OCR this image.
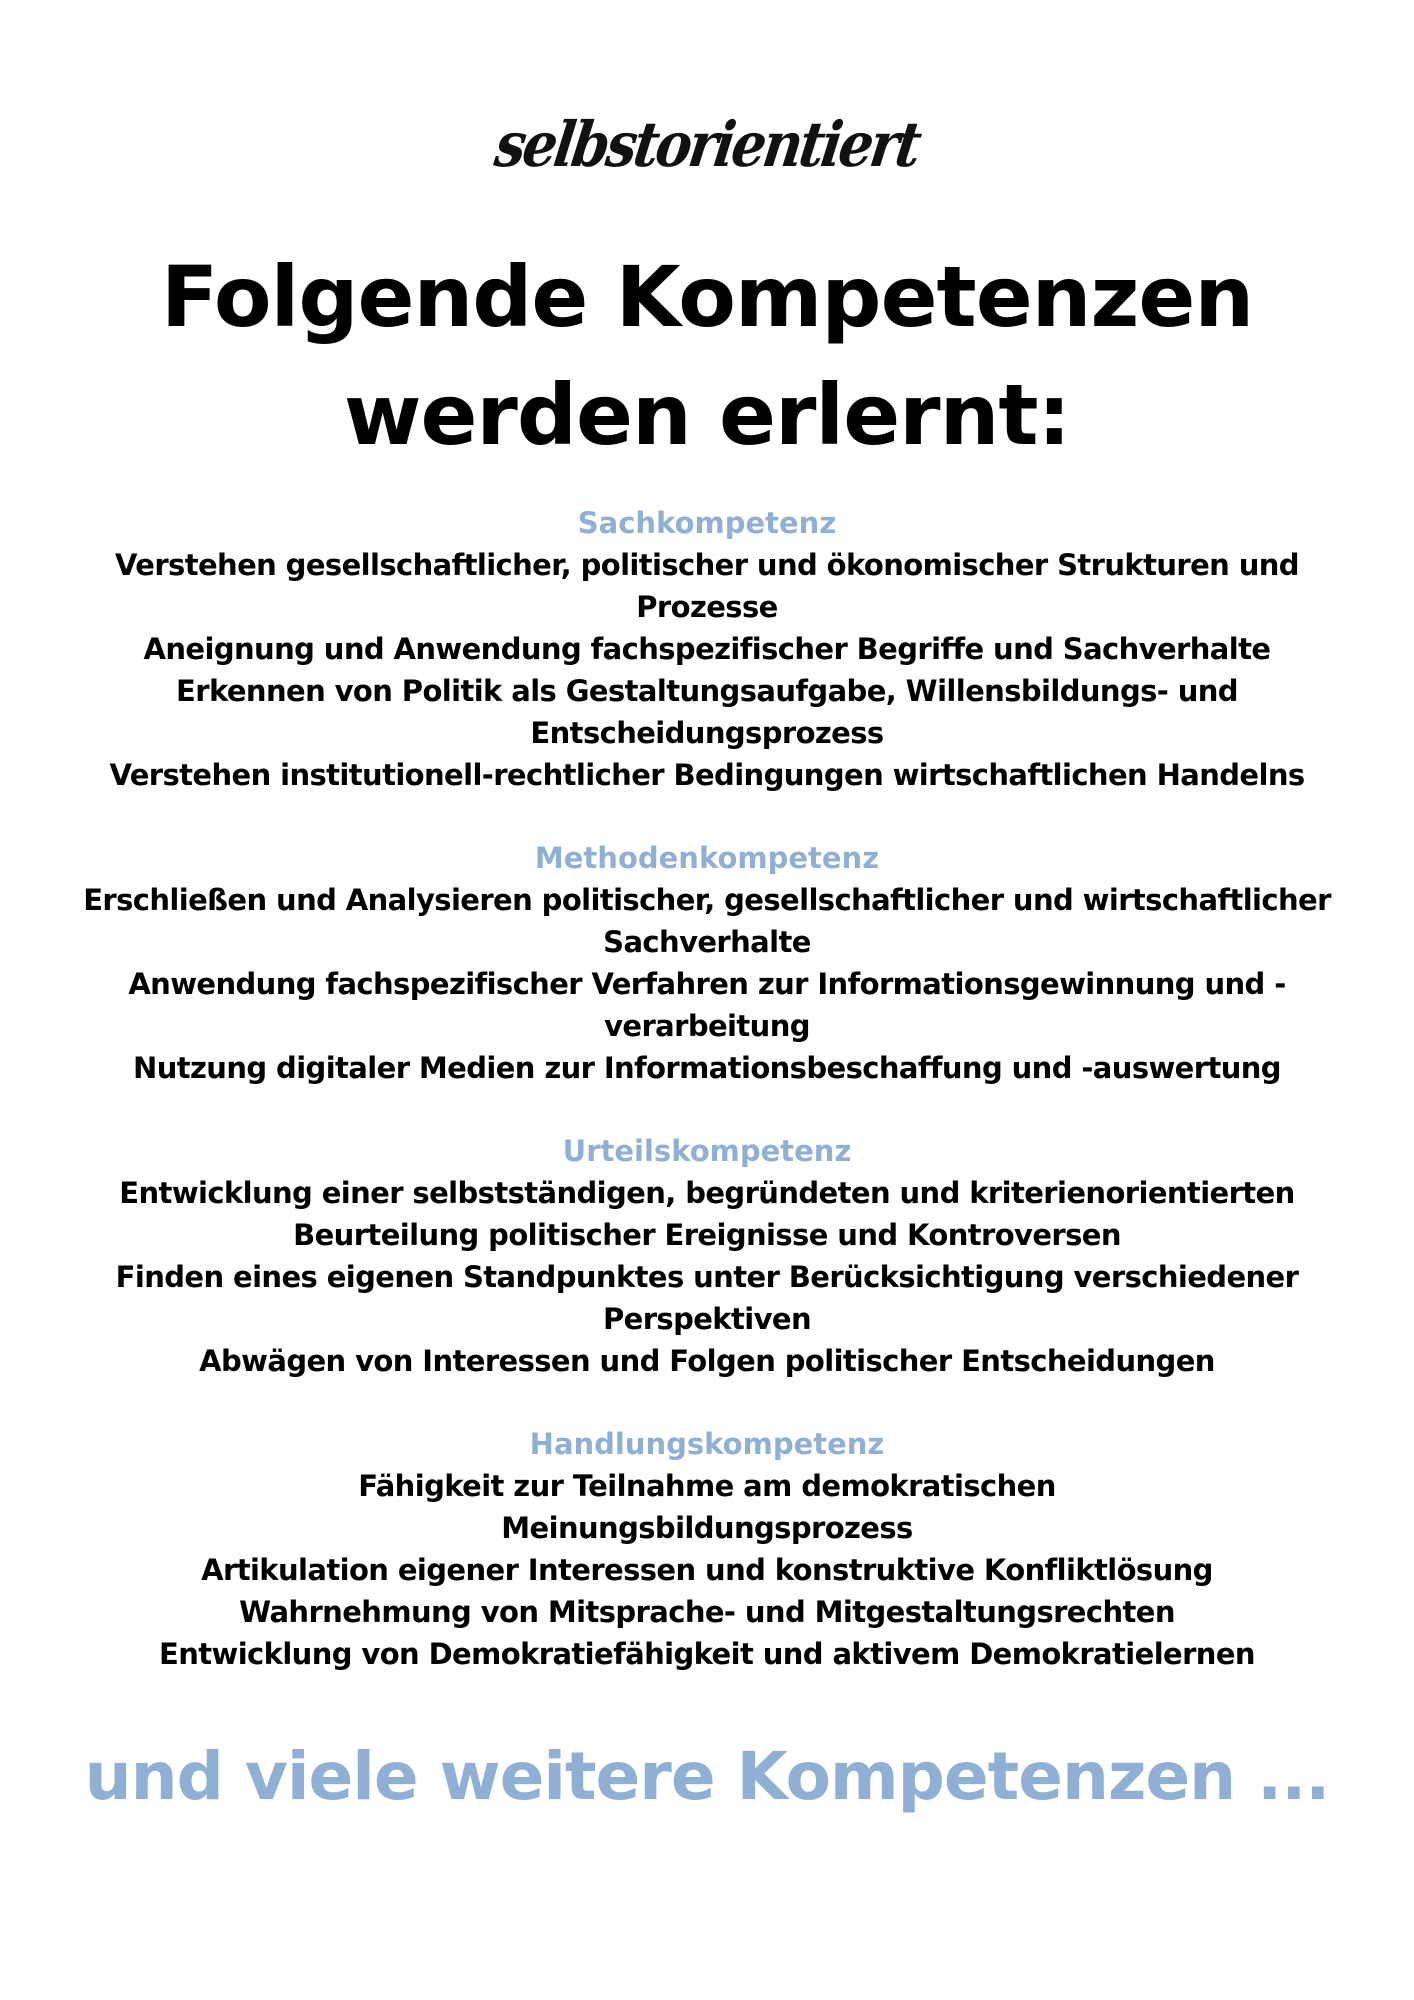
selbstorientiert
Folgende Kompetenzen
werden erlernt:
Sachkompetenz
Verstehen gesellschaftlicher, politischer und ökonomischer Strukturen und
Prozesse
Aneignung und Anwendung fachspezifischer Begriffe und Sachverhalte
Erkennen von Politik als Gestaltungsaufgabe, Willensbildungs- und
Entscheidungsprozess
Verstehen institutionell-rechtlicher Bedingungen wirtschaftlichen Handelns
Methodenkompetenz
Erschließen und Analysieren politischer, gesellschaftlicher und wirtschaftlicher
Sachverhalte
Anwendung fachspezifischer Verfahren zur Informationsgewinnung und -
verarbeitung
Nutzung digitaler Medien zur Informationsbeschaffung und -auswertung
Urteilskompetenz
Entwicklung einer selbstständigen, begründeten und kriterienorientierten
Beurteilung politischer Ereignisse und Kontroversen
Finden eines eigenen Standpunktes unter Berücksichtigung verschiedener
Perspektiven
Abwägen von Interessen und Folgen politischer Entscheidungen
Handlungskompetenz
Fähigkeit zur Teilnahme am demokratischen
Meinungsbildungsprozess
Artikulation eigener Interessen und konstruktive Konfliktlösung
Wahrnehmung von Mitsprache- und Mitgestaltungsrechten
Entwicklung von Demokratiefähigkeit und aktivem Demokratielernen
und viele weitere Kompetenzen ...
